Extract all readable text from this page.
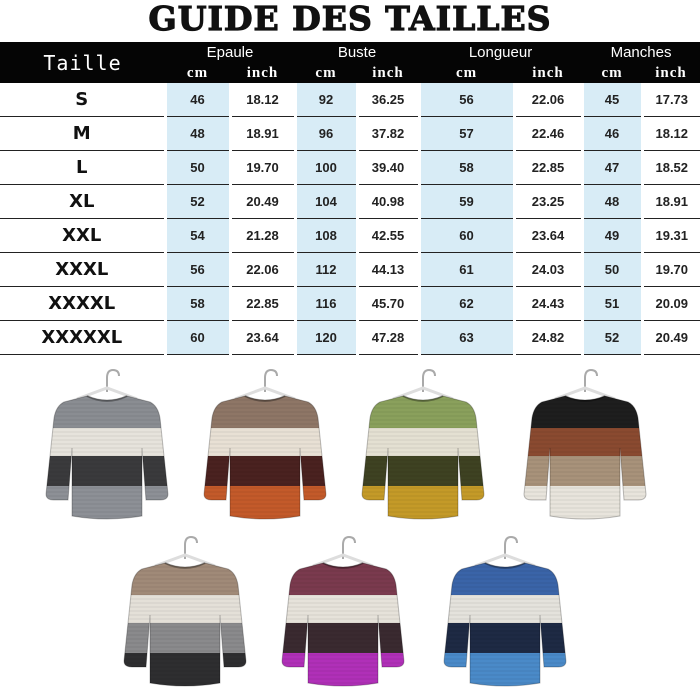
GUIDE DES TAILLES
Taille	Epaule		Buste		Longueur		Manches	
	cm	inch	cm	inch	cm	inch	cm	inch
S	46	18.12	92	36.25	56	22.06	45	17.73
M	48	18.91	96	37.82	57	22.46	46	18.12
L	50	19.70	100	39.40	58	22.85	47	18.52
XL	52	20.49	104	40.98	59	23.25	48	18.91
XXL	54	21.28	108	42.55	60	23.64	49	19.31
XXXL	56	22.06	112	44.13	61	24.03	50	19.70
XXXXL	58	22.85	116	45.70	62	24.43	51	20.09
XXXXXL	60	23.64	120	47.28	63	24.82	52	20.49
